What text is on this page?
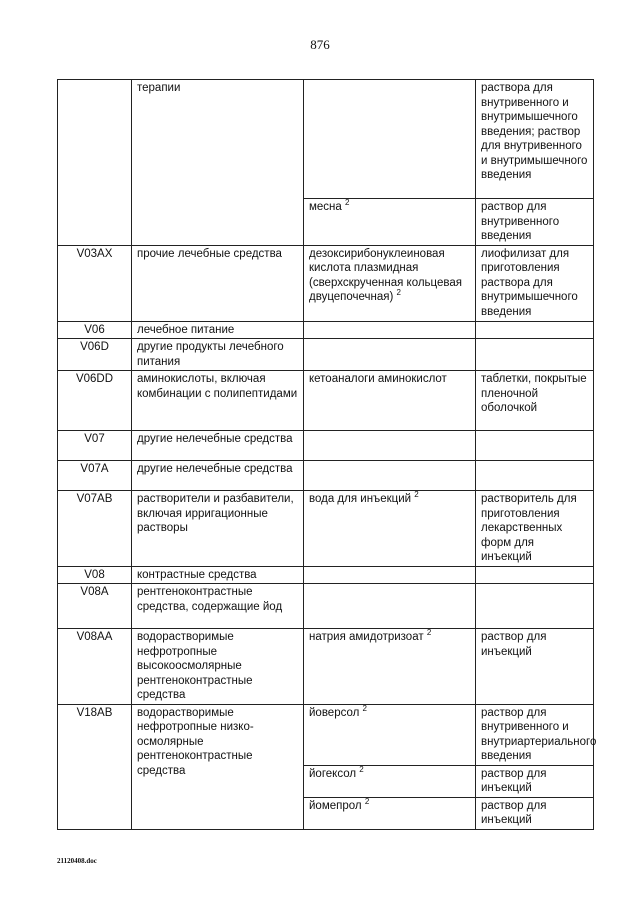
876
	терапии		раствора для внутривенного и внутримышечного введения; раствор для внутривенного и внутримышечного введения
		месна $^2$	раствор для внутривенного введения
V03AX	прочие лечебные средства	дезоксирибонуклеиновая кислота плазмидная (сверхскрученная кольцевая двуцепочечная) $^2$	лиофилизат для приготовления раствора для внутримышечного введения
V06	лечебное питание		
V06D	другие продукты лечебного питания		
V06DD	аминокислоты, включая комбинации с полипептидами	кетоаналоги аминокислот	таблетки, покрытые пленочной оболочкой
V07	другие нелечебные средства		
V07A	другие нелечебные средства		
V07AB	растворители и разбавители, включая ирригационные растворы	вода для инъекций $^2$	растворитель для приготовления лекарственных форм для инъекций
V08	контрастные средства		
V08A	рентгеноконтрастные средства, содержащие йод		
V08AA	водорастворимые нефротропные высокоосмолярные рентгеноконтрастные средства	натрия амидотризоат $^2$	раствор для инъекций
V18AB	водорастворимые нефротропные низко-осмолярные рентгеноконтрастные средства	йоверсол $^2$	раствор для внутривенного и внутриартериального введения
		йогексол $^2$	раствор для инъекций
		йомепрол $^2$	раствор для инъекций
21120408.doc
